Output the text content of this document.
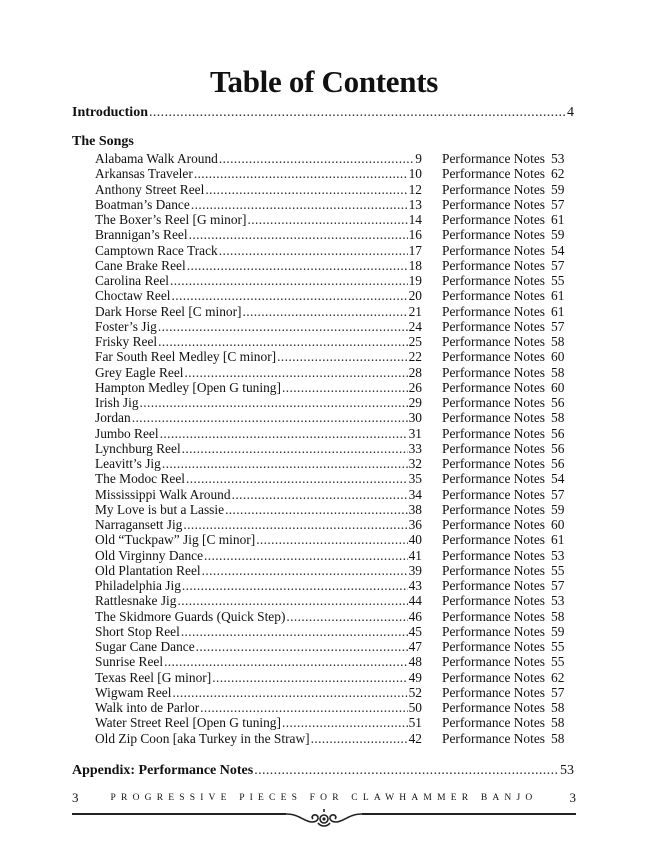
Table of Contents
Introduction .....	4
The Songs
Alabama Walk Around .....	9 Performance Notes 53
Arkansas Traveler .....	10 Performance Notes 62
Anthony Street Reel .....	12 Performance Notes 59
Boatman’s Dance .....	13 Performance Notes 57
The Boxer’s Reel [G minor] .....	14 Performance Notes 61
Brannigan’s Reel .....	16 Performance Notes 59
Camptown Race Track .....	17 Performance Notes 54
Cane Brake Reel .....	18 Performance Notes 57
Carolina Reel .....	19 Performance Notes 55
Choctaw Reel .....	20 Performance Notes 61
Dark Horse Reel [C minor] .....	21 Performance Notes 61
Foster’s Jig .....	24 Performance Notes 57
Frisky Reel .....	25 Performance Notes 58
Far South Reel Medley [C minor] .....	22 Performance Notes 60
Grey Eagle Reel .....	28 Performance Notes 58
Hampton Medley [Open G tuning] .....	26 Performance Notes 60
Irish Jig .....	29 Performance Notes 56
Jordan .....	30 Performance Notes 58
Jumbo Reel .....	31 Performance Notes 56
Lynchburg Reel .....	33 Performance Notes 56
Leavitt’s Jig .....	32 Performance Notes 56
The Modoc Reel .....	35 Performance Notes 54
Mississippi Walk Around .....	34 Performance Notes 57
My Love is but a Lassie .....	38 Performance Notes 59
Narragansett Jig .....	36 Performance Notes 60
Old “Tuckpaw” Jig [C minor] .....	40 Performance Notes 61
Old Virginny Dance .....	41 Performance Notes 53
Old Plantation Reel .....	39 Performance Notes 55
Philadelphia Jig .....	43 Performance Notes 57
Rattlesnake Jig .....	44 Performance Notes 53
The Skidmore Guards (Quick Step) .....	46 Performance Notes 58
Short Stop Reel .....	45 Performance Notes 59
Sugar Cane Dance .....	47 Performance Notes 55
Sunrise Reel .....	48 Performance Notes 55
Texas Reel [G minor] .....	49 Performance Notes 62
Wigwam Reel .....	52 Performance Notes 57
Walk into de Parlor .....	50 Performance Notes 58
Water Street Reel [Open G tuning] .....	51 Performance Notes 58
Old Zip Coon [aka Turkey in the Straw] .....	42 Performance Notes 58
Appendix: Performance Notes .....	53
3	PROGRESSIVE PIECES FOR CLAWHAMMER BANJO 3
